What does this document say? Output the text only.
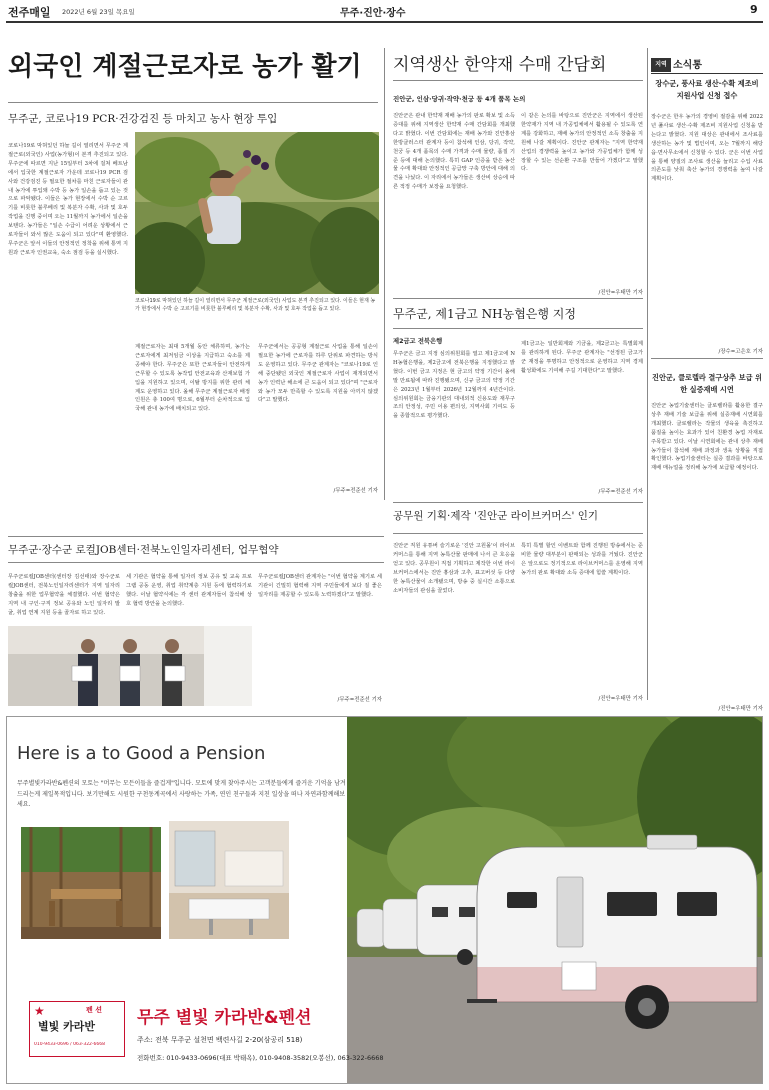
전주매일 2022년 6월 23일 목요일	무주·진안·장수	9
외국인 계절근로자로 농가 활기
무주군, 코로나19 PCR·건강검진 등 마치고 농사 현장 투입
코로나19로 막혀있던 하늘 길이 열리면서 무주군 계절근로(외국인) 사업(농가형)이 본격 추진되고 있다. 무주군에 따르면 지난 15일부터 3차에 걸쳐 베트남에서 입국한 계절근로자 가운데 코로나19 PCR 검사와 건강검진 등 필요한 절차를 마친 근로자들이 관내 농가에 투입돼 수박 등 농가 일손을 돕고 있는 것으로 파악됐다. 이들은 농가 현장에서 수박 순 고르기를 비롯한 블루베리 및 복분자 수확, 사과 및 호두 작업을 진행 중이며 오는 11월까지 농가에서 일손을 보탠다. 농가들은 "일손 수급이 어려운 상황에서 근로자들이 와서 많은 도움이 되고 있다"며 환영했다. 무주군은 앞서 이들의 안정적인 정착을 위해 통역 지원과 근로자 인권교육, 숙소 점검 등을 실시했다.
코로나19로 막혀있던 하늘 길이 열리면서 무주군 계절근로(외국인) 사업도 본격 추진되고 있다. 이들은 현재 농가 현장에서 수박 순 고르기를 비롯한 블루베리 및 복분자 수확, 사과 및 호두 작업을 돕고 있다.
계절근로자는 최대 5개월 동안 체류하며, 농가는 근로자에게 최저임금 이상을 지급하고 숙소를 제공해야 한다. 무주군은 또한 근로자들이 안전하게 근무할 수 있도록 농작업 안전교육과 산재보험 가입을 지원하고 있으며, 이탈 방지를 위한 관리 체계도 운영하고 있다. 올해 무주군 계절근로자 배정 인원은 총 100여 명으로, 6월부터 순차적으로 입국해 관내 농가에 배치되고 있다.
무주군에서는 공공형 계절근로 사업을 통해 일손이 필요한 농가에 근로자를 하루 단위로 파견하는 방식도 운영하고 있다. 무주군 관계자는 "코로나19로 인해 중단됐던 외국인 계절근로자 사업이 재개되면서 농가 인력난 해소에 큰 도움이 되고 있다"며 "근로자와 농가 모두 만족할 수 있도록 지원을 아끼지 않겠다"고 말했다.
/무주=전준선 기자
지역생산 한약재 수매 간담회
진안군, 인삼·당귀·작약·천궁 등 4개 품목 논의
진안군은 관내 한약재 재배 농가의 판로 확보 및 소득 증대를 위해 지역생산 한약재 수매 간담회를 개최했다고 밝혔다. 이번 간담회에는 재배 농가와 진안홍삼한방클러스터 관계자 등이 참석해 인삼, 당귀, 작약, 천궁 등 4개 품목의 수매 가격과 수매 물량, 품질 기준 등에 대해 논의했다. 특히 GAP 인증을 받은 농산물 수매 확대와 안정적인 공급망 구축 방안에 대해 의견을 나눴다. 이 자리에서 농가들은 생산비 상승에 따른 적정 수매가 보장을 요청했다.
이 같은 논의를 바탕으로 진안군은 지역에서 생산된 한약재가 지역 내 가공업체에서 활용될 수 있도록 연계를 강화하고, 재배 농가의 안정적인 소득 창출을 지원해 나갈 계획이다. 진안군 관계자는 "지역 한약재 산업의 경쟁력을 높이고 농가와 가공업체가 함께 성장할 수 있는 선순환 구조를 만들어 가겠다"고 말했다.
/진안=우태만 기자
무주군, 제1금고 NH농협은행 지정
제2금고 전북은행
무주군은 금고 지정 심의위원회를 열고 제1금고에 NH농협은행을, 제2금고에 전북은행을 지정했다고 밝혔다. 이번 금고 지정은 현 금고의 약정 기간이 올해 말 만료됨에 따라 진행됐으며, 신규 금고의 약정 기간은 2023년 1월부터 2026년 12월까지 4년간이다. 심의위원회는 금융기관의 대내외적 신용도와 재무구조의 안정성, 주민 이용 편의성, 지역사회 기여도 등을 종합적으로 평가했다.
제1금고는 일반회계와 기금을, 제2금고는 특별회계를 관리하게 된다. 무주군 관계자는 "선정된 금고가 군 재정을 투명하고 안정적으로 운영하고 지역 경제 활성화에도 기여해 주길 기대한다"고 말했다.
/무주=전준선 기자
공무원 기획·제작 '진안군 라이브커머스' 인기
진안군 직원 유튜버 슬기로운 '진안 고원몰'이 라이브커머스를 통해 지역 농특산물 판매에 나서 큰 호응을 얻고 있다. 공무원이 직접 기획하고 제작한 이번 라이브커머스에서는 진안 홍삼과 고추, 표고버섯 등 다양한 농특산물이 소개됐으며, 방송 중 실시간 소통으로 소비자들의 관심을 끌었다.
특히 특별 할인 이벤트와 함께 진행된 방송에서는 준비한 물량 대부분이 판매되는 성과를 거뒀다. 진안군은 앞으로도 정기적으로 라이브커머스를 운영해 지역 농가의 판로 확대와 소득 증대에 힘쓸 계획이다.
/진안=우태만 기자
무주군·장수군 로컬JOB센터·전북노인일자리센터, 업무협약
무주군로컬JOB센터(센터장 김선태)와 장수군로컬JOB센터, 전북노인일자리센터가 지역 일자리 창출을 위한 업무협약을 체결했다. 이번 협약은 지역 내 구인·구직 정보 공유와 노인 일자리 발굴, 취업 연계 지원 등을 골자로 하고 있다.
세 기관은 협약을 통해 일자리 정보 공유 및 교육 프로그램 공동 운영, 취업 취약계층 지원 등에 협력하기로 했다. 이날 협약식에는 각 센터 관계자들이 참석해 상호 협력 방안을 논의했다.
무주군로컬JOB센터 관계자는 "이번 협약을 계기로 세 기관이 긴밀히 협력해 지역 주민들에게 보다 질 좋은 일자리를 제공할 수 있도록 노력하겠다"고 말했다.
/무주=전준선 기자
지역 소식통
장수군, 풍사료 생산·수확 제조비 지원사업 신청 접수
장수군은 한우 농가의 경영비 절감을 위해 2022년 풀사료 생산·수확 제조비 지원사업 신청을 받는다고 밝혔다. 지원 대상은 관내에서 조사료를 생산하는 농가 및 법인이며, 오는 7월까지 해당 읍·면사무소에서 신청할 수 있다. 군은 이번 사업을 통해 양질의 조사료 생산을 늘리고 수입 사료 의존도를 낮춰 축산 농가의 경쟁력을 높여 나갈 계획이다.
/장수=고은호 기자
진안군, 클로렐라 결구상추 보급 위한 실증재배 시연
진안군 농업기술센터는 클로렐라를 활용한 결구상추 재배 기술 보급을 위해 실증재배 시연회를 개최했다. 클로렐라는 작물의 생육을 촉진하고 품질을 높이는 효과가 있어 친환경 농업 자재로 주목받고 있다. 이날 시연회에는 관내 상추 재배 농가들이 참석해 재배 과정과 생육 상황을 직접 확인했다. 농업기술센터는 실증 결과를 바탕으로 재배 매뉴얼을 정리해 농가에 보급할 예정이다.
/진안=우태만 기자
Here is a to Good a Pension
무주별빛카라반&펜션의 모토는 "머무는 모든이들을 즐겁게"입니다. 모토에 맞게 찾아주시는 고객분들에게 즐거운 기억을 남겨드리는게 제일목적입니다. 보기만해도 시원한 구천동계곡에서 사랑하는 가족, 연인 친구들과 지친 일상을 떠나 자연과함께해보세요.
펜 션
별빛 카라반
★
010-9433-0696 / 063-322-6668
무주 별빛 카라반&펜션
주소: 전북 무주군 설천면 백련사길 2-20(삼공리 518)
전화번호: 010-9433-0696(대표 박태옥), 010-9408-3582(오봉선), 063-322-6668
